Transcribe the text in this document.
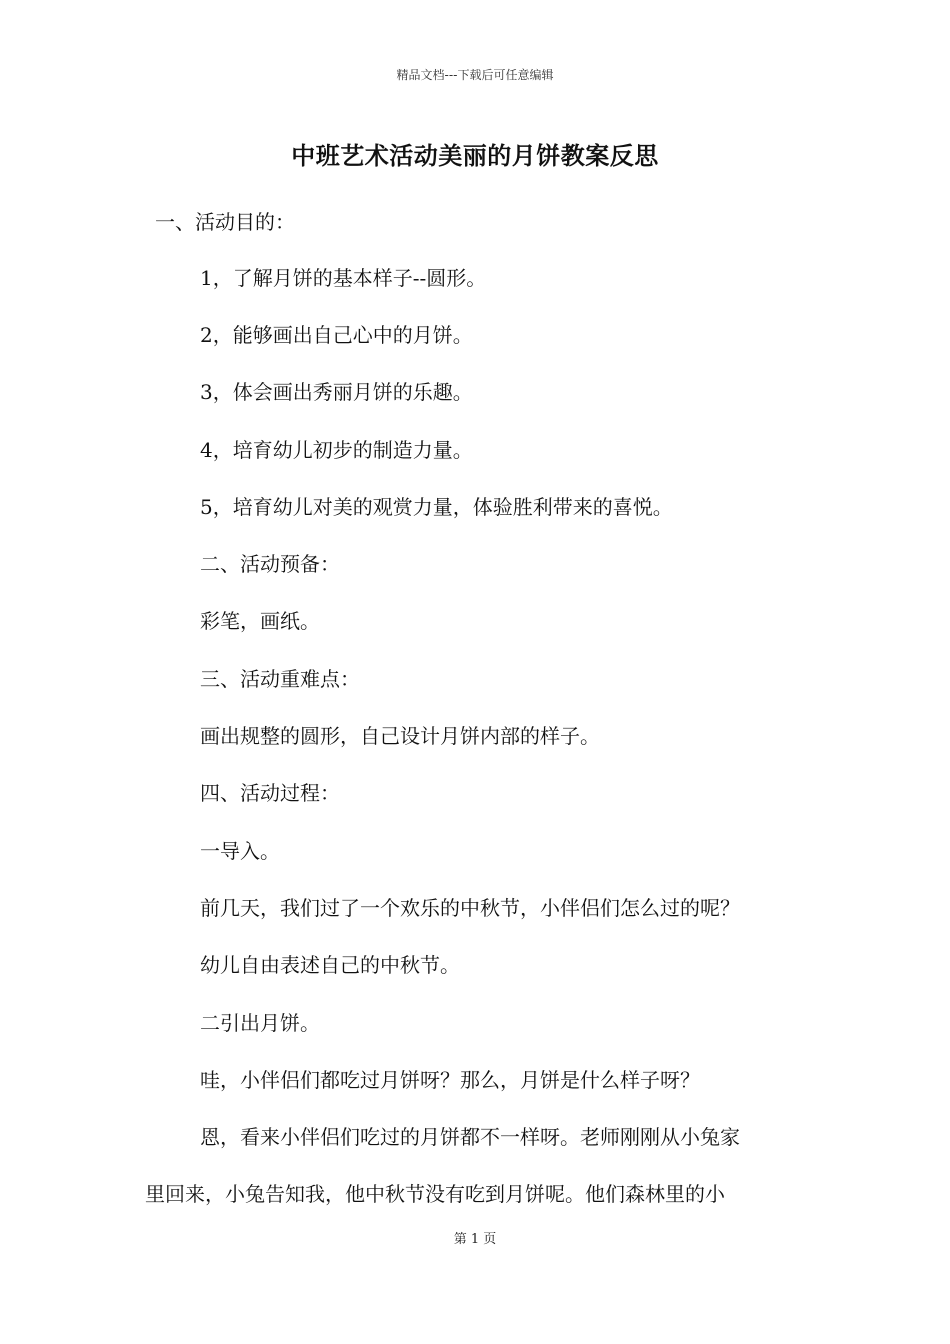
精品文档---下载后可任意编辑
中班艺术活动美丽的月饼教案反思
一、活动目的：
1，了解月饼的基本样子--圆形。
2，能够画出自己心中的月饼。
3，体会画出秀丽月饼的乐趣。
4，培育幼儿初步的制造力量。
5，培育幼儿对美的观赏力量，体验胜利带来的喜悦。
二、活动预备：
彩笔，画纸。
三、活动重难点：
画出规整的圆形，自己设计月饼内部的样子。
四、活动过程：
一导入。
前几天，我们过了一个欢乐的中秋节，小伴侣们怎么过的呢？
幼儿自由表述自己的中秋节。
二引出月饼。
哇，小伴侣们都吃过月饼呀？那么，月饼是什么样子呀？
恩，看来小伴侣们吃过的月饼都不一样呀。老师刚刚从小兔家
里回来，小兔告知我，他中秋节没有吃到月饼呢。他们森林里的小
第 1 页
